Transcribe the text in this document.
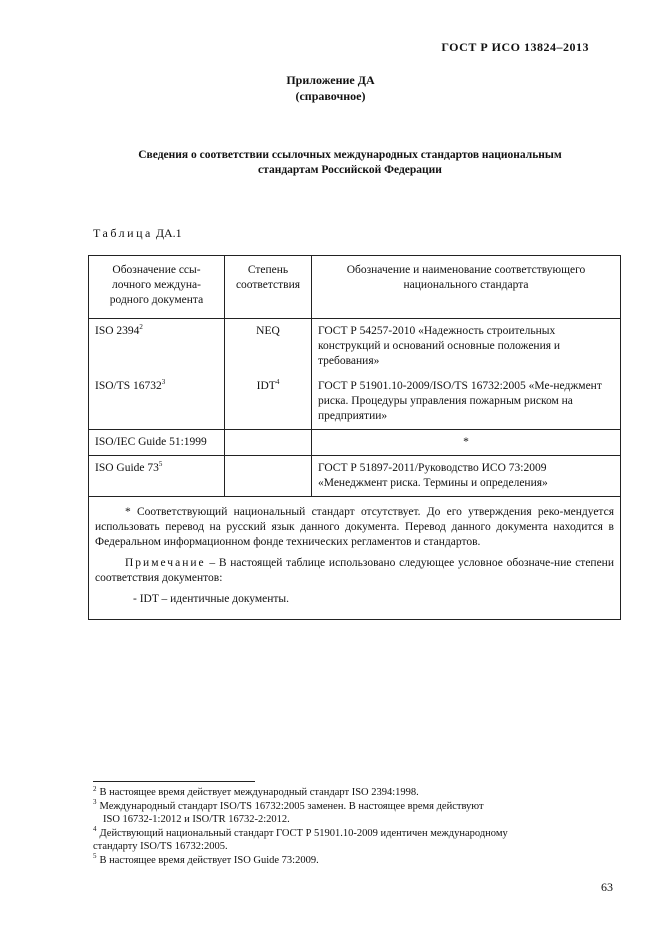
ГОСТ Р ИСО 13824–2013
Приложение ДА
(справочное)
Сведения о соответствии ссылочных международных стандартов национальным
стандартам Российской Федерации
Таблица ДА.1
Обозначение ссы-лочного междуна-родного документа	Степень соответствия	Обозначение и наименование соответствующего национального стандарта
ISO 2394$^2$	NEQ	ГОСТ Р 54257-2010 «Надежность строительных конструкций и оснований основные положения и требования»
ISO/TS 16732$^3$	IDT$^4$	ГОСТ Р 51901.10-2009/ISO/TS 16732:2005 «Ме-неджмент риска. Процедуры управления пожарным риском на предприятии»
ISO/IEC Guide 51:1999		*
ISO Guide $73^5$		ГОСТ Р 51897-2011/Руководство ИСО 73:2009 «Менеджмент риска. Термины и определения»

* Соответствующий национальный стандарт отсутствует. До его утверждения реко-мендуется использовать перевод на русский язык данного документа. Перевод данного документа находится в Федеральном информационном фонде технических регламентов и стандартов.

Примечание – В настоящей таблице использовано следующее условное обозначе-ние степени соответствия документов:

- IDT – идентичные документы.		

$^2$ В настоящее время действует международный стандарт ISO 2394:1998.
$^3$ Международный стандарт ISO/TS 16732:2005 заменен. В настоящее время действуют
ISO 16732-1:2012 и ISO/TR 16732-2:2012.
$^4$ Действующий национальный стандарт ГОСТ Р 51901.10-2009 идентичен международному
стандарту ISO/TS 16732:2005.
$^5$ В настоящее время действует ISO Guide 73:2009.
63
